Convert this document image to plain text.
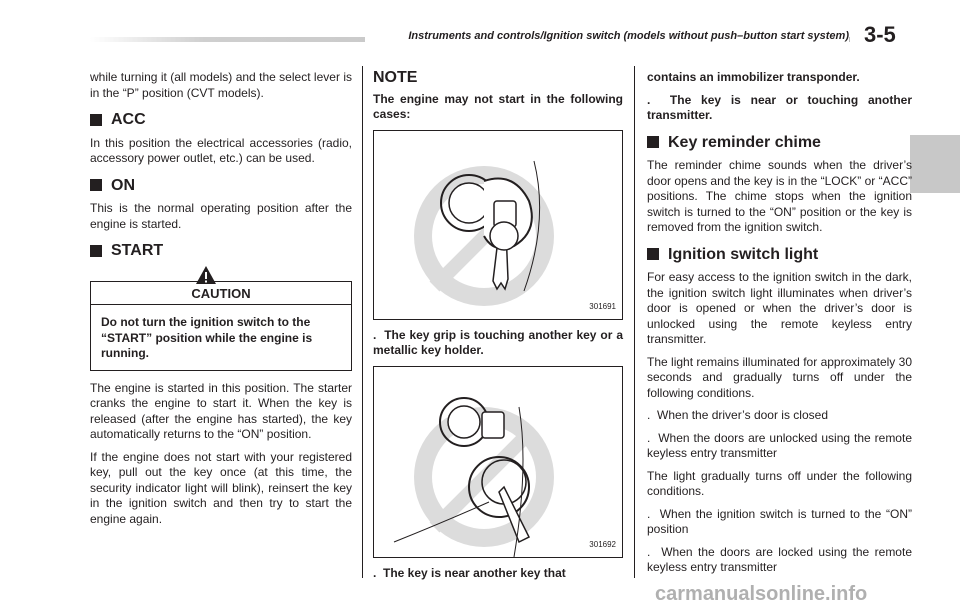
Instruments and controls/Ignition switch (models without push–button start system) 3-5

while turning it (all models) and the select lever is in the “P” position (CVT models).

ACC

In this position the electrical accessories (radio, accessory power outlet, etc.) can be used.

ON

This is the normal operating position after the engine is started.

START
CAUTION
Do not turn the ignition switch to the “START” position while the engine is running.

The engine is started in this position. The starter cranks the engine to start it. When the key is released (after the engine has started), the key automatically returns to the “ON” position.

If the engine does not start with your registered key, pull out the key once (at this time, the security indicator light will blink), reinsert the key in the ignition switch and then try to start the engine again.

NOTE

The engine may not start in the following cases:

301691

. The key grip is touching another key or a metallic key holder.

301692

. The key is near another key that

contains an immobilizer transponder.

. The key is near or touching another transmitter.

Key reminder chime

The reminder chime sounds when the driver’s door opens and the key is in the “LOCK” or “ACC” positions. The chime stops when the ignition switch is turned to the “ON” position or the key is removed from the ignition switch.

Ignition switch light

For easy access to the ignition switch in the dark, the ignition switch light illuminates when driver’s door is opened or when the driver’s door is unlocked using the remote keyless entry transmitter.

The light remains illuminated for approximately 30 seconds and gradually turns off under the following conditions.

. When the driver’s door is closed

. When the doors are unlocked using the remote keyless entry transmitter

The light gradually turns off under the following conditions.

. When the ignition switch is turned to the “ON” position

. When the doors are locked using the remote keyless entry transmitter

carmanualsonline.info
